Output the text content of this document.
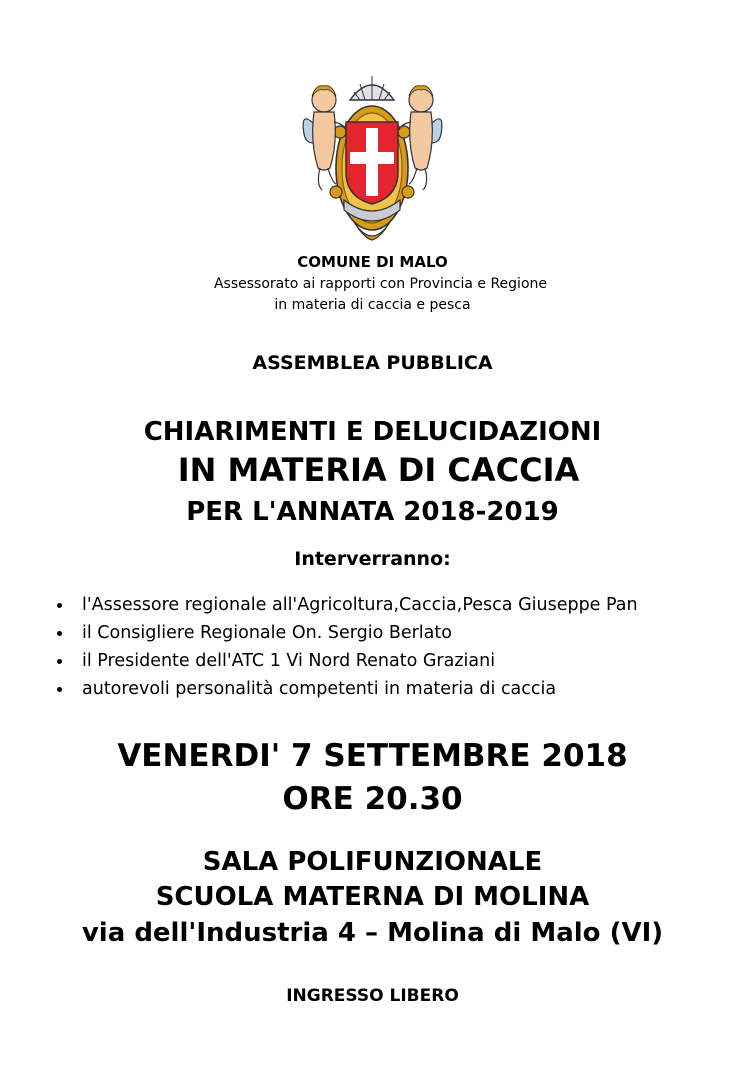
COMUNE DI MALO
Assessorato ai rapporti con Provincia e Regione
in materia di caccia e pesca
ASSEMBLEA PUBBLICA
CHIARIMENTI E DELUCIDAZIONI
IN MATERIA DI CACCIA
PER L'ANNATA 2018-2019
Interverranno:
l'Assessore regionale all'Agricoltura,Caccia,Pesca Giuseppe Pan
il Consigliere Regionale On. Sergio Berlato
il Presidente dell'ATC 1 Vi Nord Renato Graziani
autorevoli personalità competenti in materia di caccia
VENERDI' 7 SETTEMBRE 2018
ORE 20.30
SALA POLIFUNZIONALE
SCUOLA MATERNA DI MOLINA
via dell'Industria 4 – Molina di Malo (VI)
INGRESSO LIBERO
